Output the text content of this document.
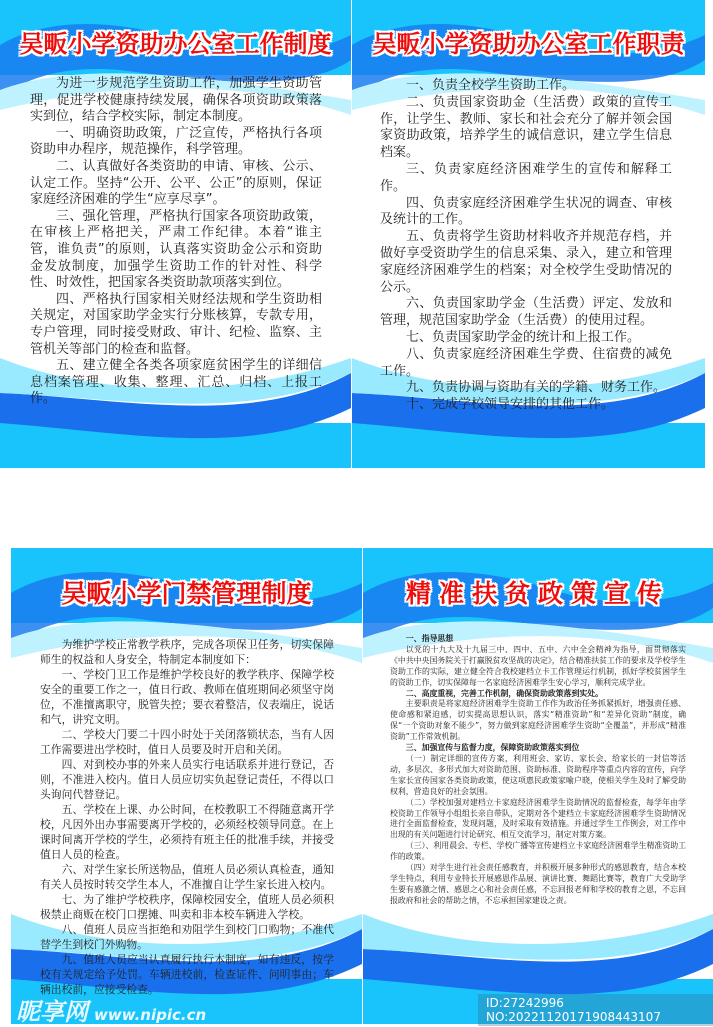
吴畈小学资助办公室工作制度

为进一步规范学生资助工作，加强学生资助管理，促进学校健康持续发展，确保各项资助政策落实到位，结合学校实际，制定本制度。

一、明确资助政策，广泛宣传，严格执行各项资助申办程序，规范操作，科学管理。

二、认真做好各类资助的申请、审核、公示、认定工作。坚持“公开、公平、公正”的原则，保证家庭经济困难的学生“应享尽享”。

三、强化管理，严格执行国家各项资助政策，在审核上严格把关，严肃工作纪律。本着“谁主管，谁负责”的原则，认真落实资助金公示和资助金发放制度，加强学生资助工作的针对性、科学性、时效性，把国家各类资助款项落实到位。

四、严格执行国家相关财经法规和学生资助相关规定，对国家助学金实行分账核算，专款专用，专户管理，同时接受财政、审计、纪检、监察、主管机关等部门的检查和监督。

五、建立健全各类各项家庭贫困学生的详细信息档案管理、收集、整理、汇总、归档、上报工作。

吴畈小学资助办公室工作职责

一、负责全校学生资助工作。

二、负责国家资助金（生活费）政策的宣传工作，让学生、教师、家长和社会充分了解并领会国家资助政策，培养学生的诚信意识，建立学生信息档案。

三、负责家庭经济困难学生的宣传和解释工作。

四、负责家庭经济困难学生状况的调查、审核及统计的工作。

五、负责将学生资助材料收齐并规范存档，并做好享受资助学生的信息采集、录入，建立和管理家庭经济困难学生的档案；对全校学生受助情况的公示。

六、负责国家助学金（生活费）评定、发放和管理，规范国家助学金（生活费）的使用过程。

七、负责国家助学金的统计和上报工作。

八、负责家庭经济困难生学费、住宿费的减免工作。

九、负责协调与资助有关的学籍、财务工作。

十、完成学校领导安排的其他工作。

吴畈小学门禁管理制度

为维护学校正常教学秩序，完成各项保卫任务，切实保障师生的权益和人身安全，特制定本制度如下：

一、学校门卫工作是维护学校良好的教学秩序、保障学校安全的重要工作之一，值日行政、教师在值班期间必须坚守岗位，不准擅离职守，脱管失控；要衣着整洁，仪表端庄，说话和气，讲究文明。

二、学校大门要二十四小时处于关闭落锁状态，当有人因工作需要进出学校时，值日人员要及时开启和关闭。

四、对到校办事的外来人员实行电话联系并进行登记，否则，不准进入校内。值日人员应切实负起登记责任，不得以口头询问代替登记。

五、学校在上课、办公时间，在校教职工不得随意离开学校，凡因外出办事需要离开学校的，必须经校领导同意。在上课时间离开学校的学生，必须持有班主任的批准手续，并接受值日人员的检查。

六、对学生家长所送物品，值班人员必须认真检查，通知有关人员按时转交学生本人，不准擅自让学生家长进入校内。

七、为了维护学校秩序，保障校园安全，值班人员必须积极禁止商贩在校门口摆摊、叫卖和非本校车辆进入学校。

八、值班人员应当拒绝和劝阻学生到校门口购物；不准代替学生到校门外购物。

九、值班人员应当认真履行执行本制度，如有违反，按学校有关规定给予处罚。车辆进校前，检查证件、问明事由；车辆出校前，应接受检查。

精准扶贫政策宣传

一、指导思想

以党的十九大及十九届三中、四中、五中、六中全会精神为指导，面贯彻落实《中共中央国务院关于打赢脱贫攻坚战的决定》，结合精准扶贫工作的要求及学校学生资助工作的实际，建立健全符合我校建档立卡工作管理运行机制，抓好学校贫困学生的资助工作，切实保障每一名家庭经济困难学生安心学习，顺利完成学业。

二、高度重视，完善工作机制，确保资助政策落到实处。

主要职责是将家庭经济困难学生资助工作作为政治任务抓紧抓好，增强责任感、使命感和紧迫感，切实提高思想认识，落实“精准资助”和“差异化资助”制度，确保“一个资助对象不能少”，努力做到家庭经济困难学生资助“全覆盖”，并形成“精准资助”工作常效机制。

三、加强宣传与监督力度，保障资助政策落实到位

（一）制定详细的宣传方案，利用班会、家访、家长会、给家长的一封信等活动，多层次、多形式加大对资助范围、资助标准、资助程序等重点内容的宣传，向学生家长宣传国家各类资助政策，使这项惠民政策家喻户晓，使相关学生及时了解受助权利，营造良好的社会氛围。

（二）学校加强对建档立卡家庭经济困难学生资助情况的监督检查，每学年由学校资助工作领导小组组长亲自带队，定期对各个建档立卡家庭经济困难学生资助情况进行全面监督检查，发现问题，及时采取有效措施。并通过学生工作例会，对工作中出现的有关问题进行讨论研究、相互交流学习，制定对策方案。

（三）、利用晨会、专栏、学校广播等宣传建档立卡家庭经济困难学生精准资助工作的政策。

（四）对学生进行社会责任感教育，并积极开展多种形式的感恩教育，结合本校学生特点，利用专业特长开展感恩作品展、演讲比赛、舞蹈比赛等，教育广大受助学生要有感激之情、感恩之心和社会责任感，不忘回报老师和学校的教育之恩，不忘回报政府和社会的帮助之情，不忘承担国家建设之责。

昵享网 www.nipic.cn
ID:27242996 NO:20221120171908443107
